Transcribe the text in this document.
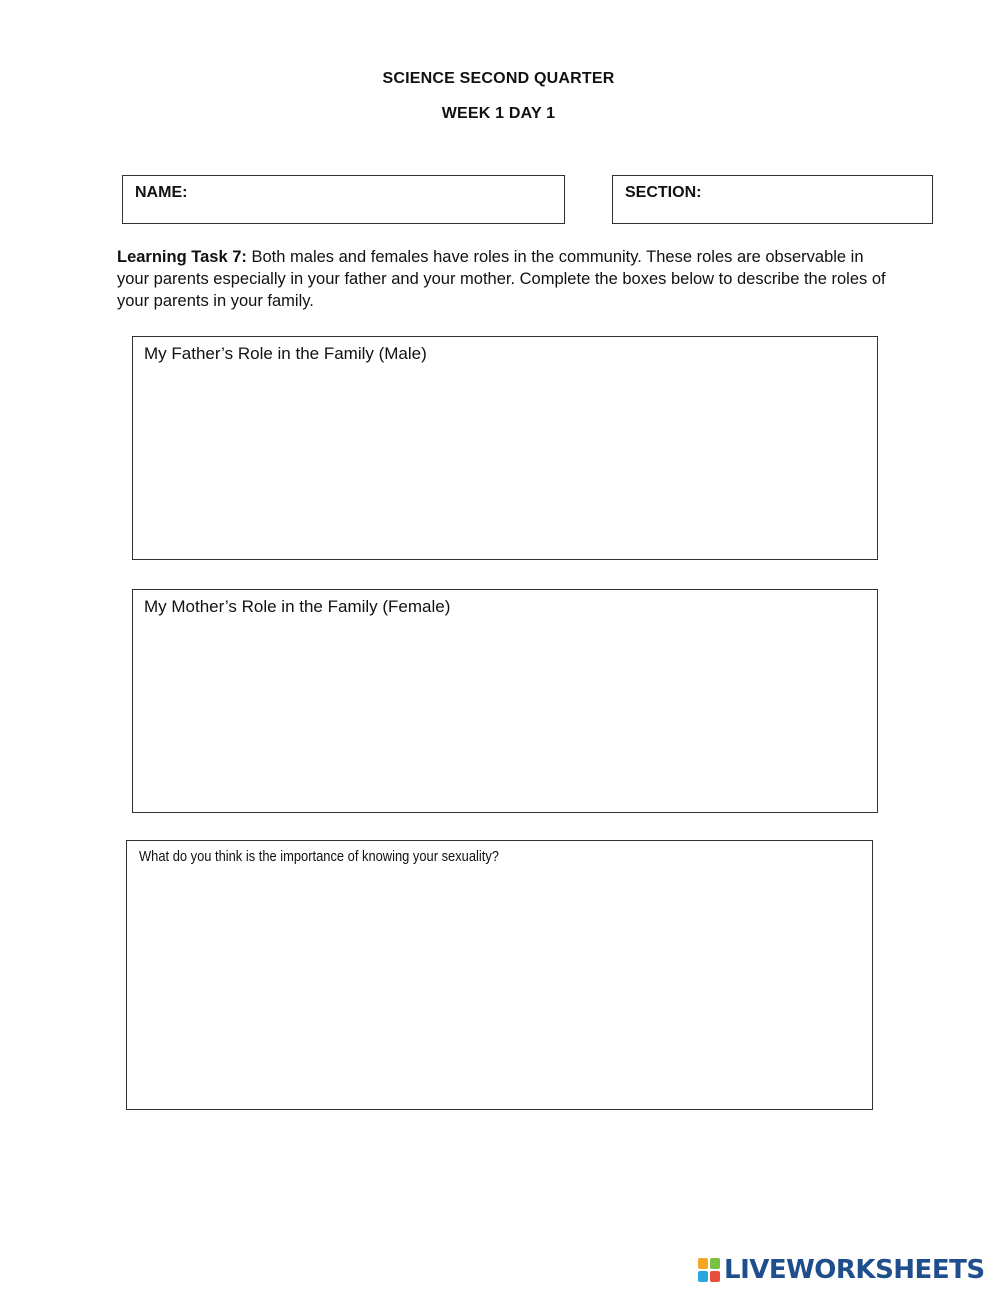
SCIENCE SECOND QUARTER
WEEK 1 DAY 1
NAME:	SECTION:
Learning Task 7: Both males and females have roles in the community. These roles are observable in your parents especially in your father and your mother. Complete the boxes below to describe the roles of your parents in your family.
My Father’s Role in the Family (Male)
My Mother’s Role in the Family (Female)
What do you think is the importance of knowing your sexuality?
LIVEWORKSHEETS
